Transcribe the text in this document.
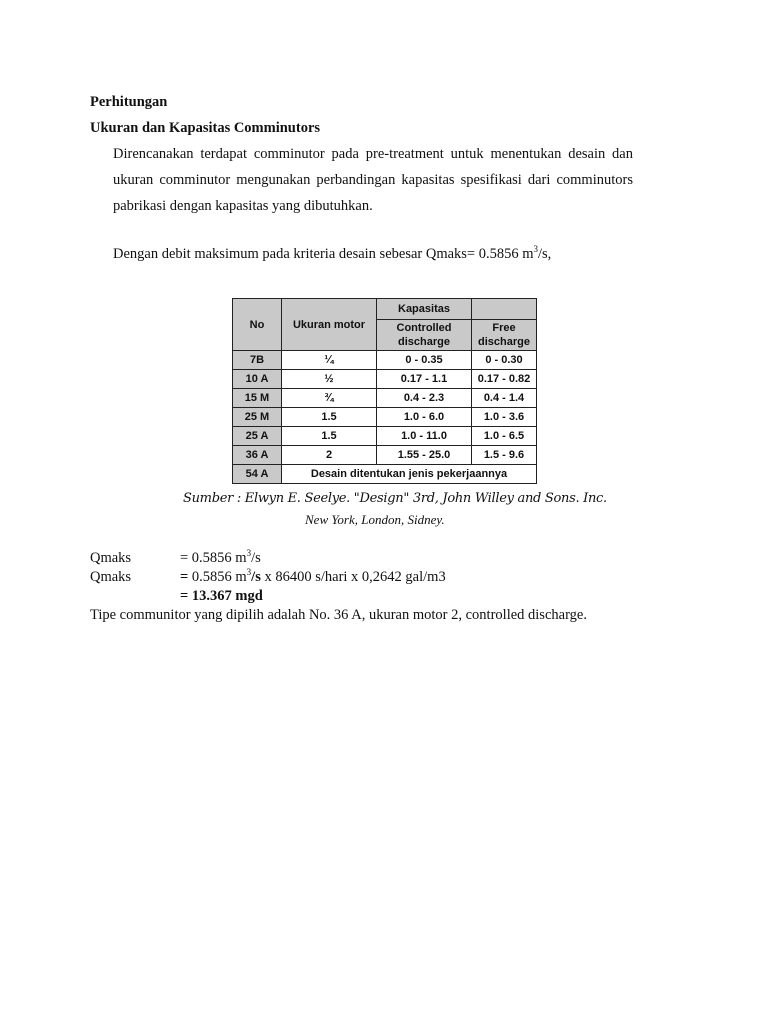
Perhitungan
Ukuran dan Kapasitas Comminutors
Direncanakan terdapat comminutor pada pre-treatment untuk menentukan desain dan
ukuran comminutor mengunakan perbandingan kapasitas spesifikasi dari comminutors
pabrikasi dengan kapasitas yang dibutuhkan.
Dengan debit maksimum pada kriteria desain sebesar Qmaks= 0.5856 $m^3/s$,
No	Ukuran motor	Kapasitas	
		Controlled discharge	Free discharge
7B	¼	0 - 0.35	0 - 0.30
10 A	½	0.17 - 1.1	0.17 - 0.82
15 M	¾	0.4 - 2.3	0.4 - 1.4
25 M	1.5	1.0 - 6.0	1.0 - 3.6
25 A	1.5	1.0 - 11.0	1.0 - 6.5
36 A	2	1.55 - 25.0	1.5 - 9.6
54 A	Desain ditentukan jenis pekerjaannya		
Sumber : Elwyn E. Seelye. "Design" 3rd, John Willey and Sons. Inc.
New York, London, Sidney.
Qmaks	= 0.5856 $m^3/s$
Qmaks	= 0.5856 $m^3/s$ x 86400 s/hari x 0,2642 gal/m3
= 13.367 mgd
Tipe communitor yang dipilih adalah No. 36 A, ukuran motor 2, controlled discharge.
